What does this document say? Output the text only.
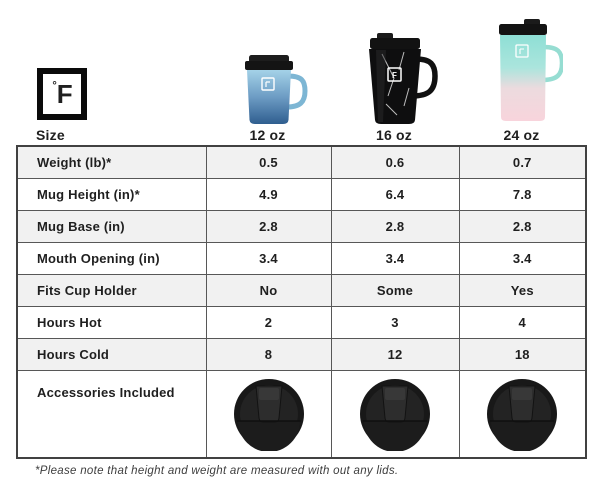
° F
F
Size	12 oz	16 oz	24 oz
Weight (lb)*	0.5	0.6	0.7
Mug Height (in)*	4.9	6.4	7.8
Mug Base (in)	2.8	2.8	2.8
Mouth Opening (in)	3.4	3.4	3.4
Fits Cup Holder	No	Some	Yes
Hours Hot	2	3	4
Hours Cold	8	12	18
Accessories Included			
*Please note that height and weight are measured with out any lids.
